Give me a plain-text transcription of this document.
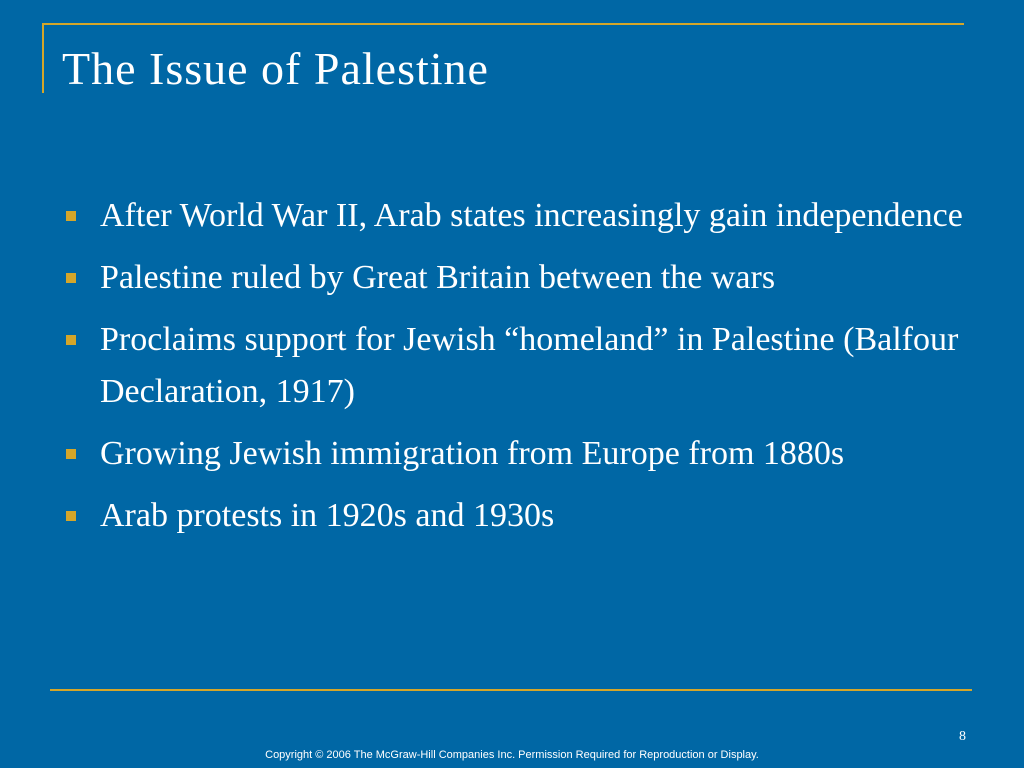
The Issue of Palestine
After World War II, Arab states increasingly gain independence
Palestine ruled by Great Britain between the wars
Proclaims support for Jewish “homeland” in Palestine (Balfour Declaration, 1917)
Growing Jewish immigration from Europe from 1880s
Arab protests in 1920s and 1930s
8
Copyright © 2006 The McGraw-Hill Companies Inc. Permission Required for Reproduction or Display.
